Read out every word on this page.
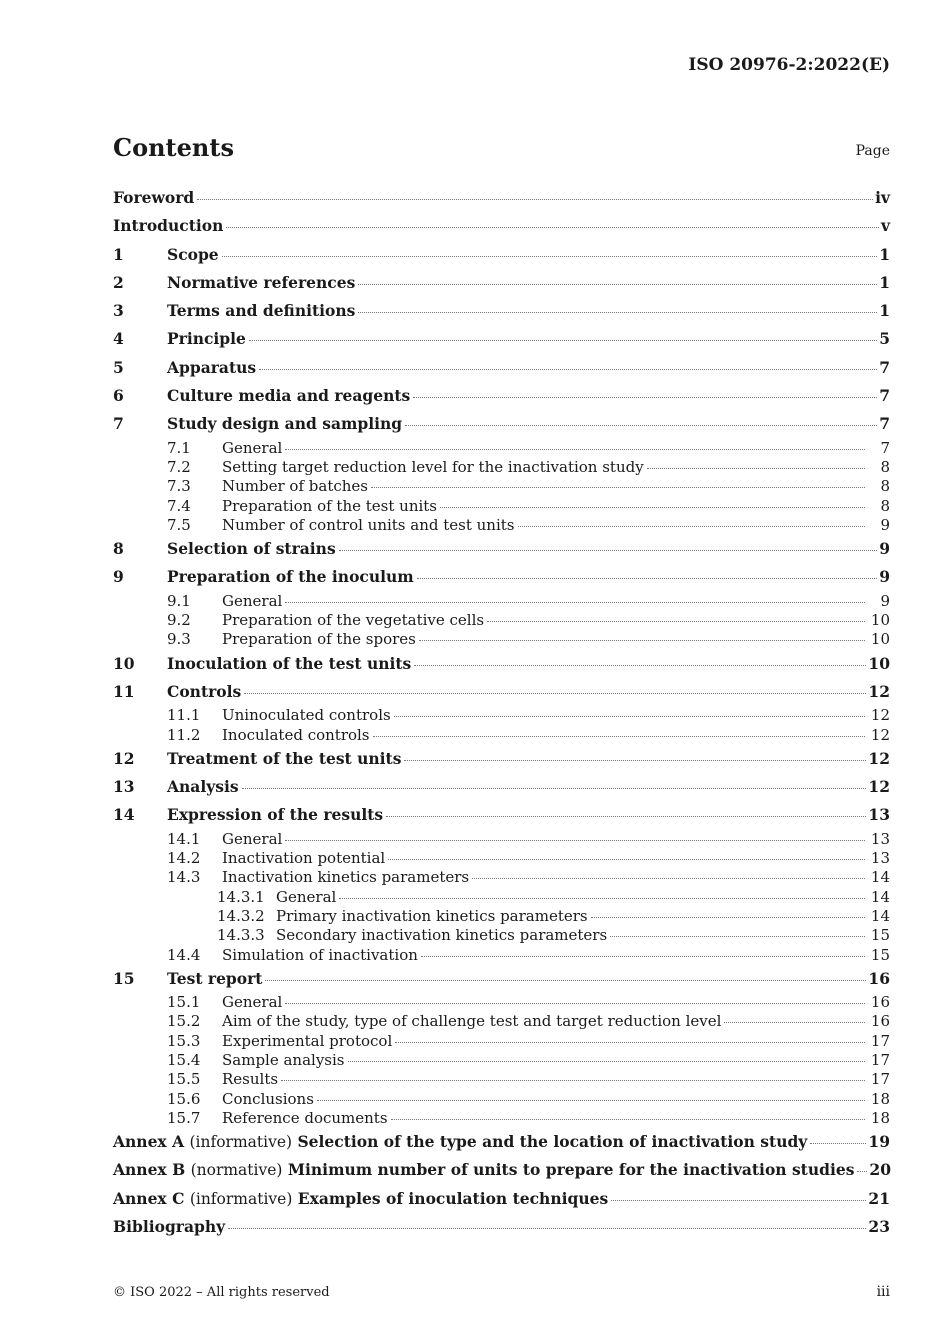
ISO 20976-2:2022(E)
Contents	Page
Foreword	iv
Introduction	v
1	Scope	1
2	Normative references	1
3	Terms and definitions	1
4	Principle	5
5	Apparatus	7
6	Culture media and reagents	7
7	Study design and sampling	7
7.1	General	7
7.2	Setting target reduction level for the inactivation study	8
7.3	Number of batches	8
7.4	Preparation of the test units	8
7.5	Number of control units and test units	9
8	Selection of strains	9
9	Preparation of the inoculum	9
9.1	General	9
9.2	Preparation of the vegetative cells	10
9.3	Preparation of the spores	10
10	Inoculation of the test units	10
11	Controls	12
11.1	Uninoculated controls	12
11.2	Inoculated controls	12
12	Treatment of the test units	12
13	Analysis	12
14	Expression of the results	13
14.1	General	13
14.2	Inactivation potential	13
14.3	Inactivation kinetics parameters	14
14.3.1 General	14
14.3.2 Primary inactivation kinetics parameters	14
14.3.3 Secondary inactivation kinetics parameters	15
14.4	Simulation of inactivation	15
15	Test report	16
15.1	General	16
15.2	Aim of the study, type of challenge test and target reduction level	16
15.3	Experimental protocol	17
15.4	Sample analysis	17
15.5	Results	17
15.6	Conclusions	18
15.7	Reference documents	18
Annex A (informative) Selection of the type and the location of inactivation study	19
Annex B (normative) Minimum number of units to prepare for the inactivation studies 20
Annex C (informative) Examples of inoculation techniques	21
Bibliography	23
© ISO 2022 – All rights reserved	iii
